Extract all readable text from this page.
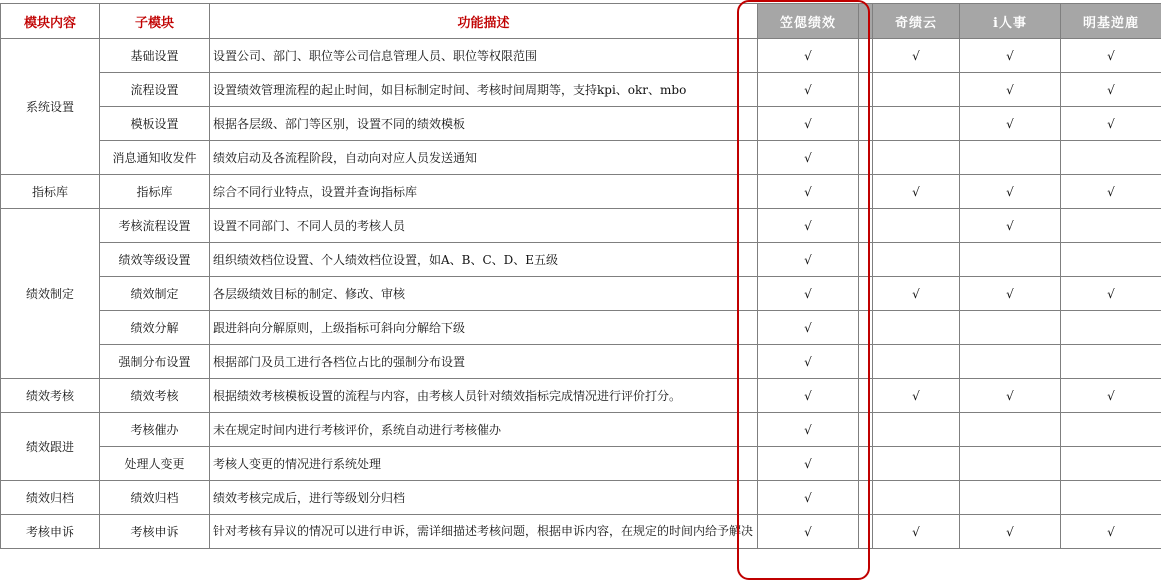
模块内容	子模块	功能描述	笠偲绩效		奇绩云	i人事	明基逆鹿
系统设置	基础设置	设置公司、部门、职位等公司信息管理人员、职位等权限范围	√		√	√	√
	流程设置	设置绩效管理流程的起止时间，如目标制定时间、考核时间周期等，支持kpi、okr、mbo	√			√	√
	模板设置	根据各层级、部门等区别，设置不同的绩效模板	√			√	√
	消息通知收发件	绩效启动及各流程阶段，自动向对应人员发送通知	√				
指标库	指标库	综合不同行业特点，设置并查询指标库	√		√	√	√
绩效制定	考核流程设置	设置不同部门、不同人员的考核人员	√			√	
	绩效等级设置	组织绩效档位设置、个人绩效档位设置，如A、B、C、D、E五级	√				
	绩效制定	各层级绩效目标的制定、修改、审核	√		√	√	√
	绩效分解	跟进斜向分解原则，上级指标可斜向分解给下级	√				
	强制分布设置	根据部门及员工进行各档位占比的强制分布设置	√				
绩效考核	绩效考核	根据绩效考核模板设置的流程与内容，由考核人员针对绩效指标完成情况进行评价打分。	√		√	√	√
绩效跟进	考核催办	未在规定时间内进行考核评价，系统自动进行考核催办	√				
	处理人变更	考核人变更的情况进行系统处理	√				
绩效归档	绩效归档	绩效考核完成后，进行等级划分归档	√				
考核申诉	考核申诉	针对考核有异议的情况可以进行申诉，需详细描述考核问题，根据申诉内容，在规定的时间内给予解决	√		√	√	√
